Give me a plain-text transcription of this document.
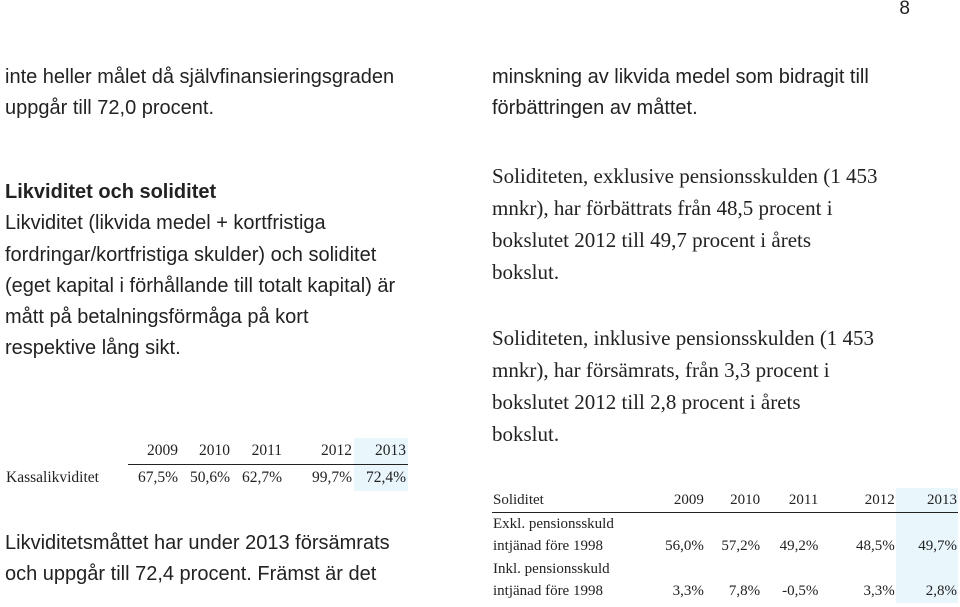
8
inte heller målet då självfinansieringsgraden
uppgår till 72,0 procent.
Likviditet och soliditet
Likviditet (likvida medel + kortfristiga
fordringar/kortfristiga skulder) och soliditet
(eget kapital i förhållande till totalt kapital) är
mått på betalningsförmåga på kort
respektive lång sikt.
	2009	2010	2011	2012	2013
Kassalikviditet	67,5%	50,6%	62,7%	99,7%	72,4%
Likviditetsmåttet har under 2013 försämrats
och uppgår till 72,4 procent. Främst är det
minskning av likvida medel som bidragit till
förbättringen av måttet.
Soliditeten, exklusive pensionsskulden (1 453
mnkr), har förbättrats från 48,5 procent i
bokslutet 2012 till 49,7 procent i årets
bokslut.
Soliditeten, inklusive pensionsskulden (1 453
mnkr), har försämrats, från 3,3 procent i
bokslutet 2012 till 2,8 procent i årets
bokslut.
Soliditet	2009	2010	2011	2012	2013
Exkl. pensionsskuld					
intjänad före 1998	56,0%	57,2%	49,2%	48,5%	49,7%
Inkl. pensionsskuld					
intjänad före 1998	3,3%	7,8%	-0,5%	3,3%	2,8%
